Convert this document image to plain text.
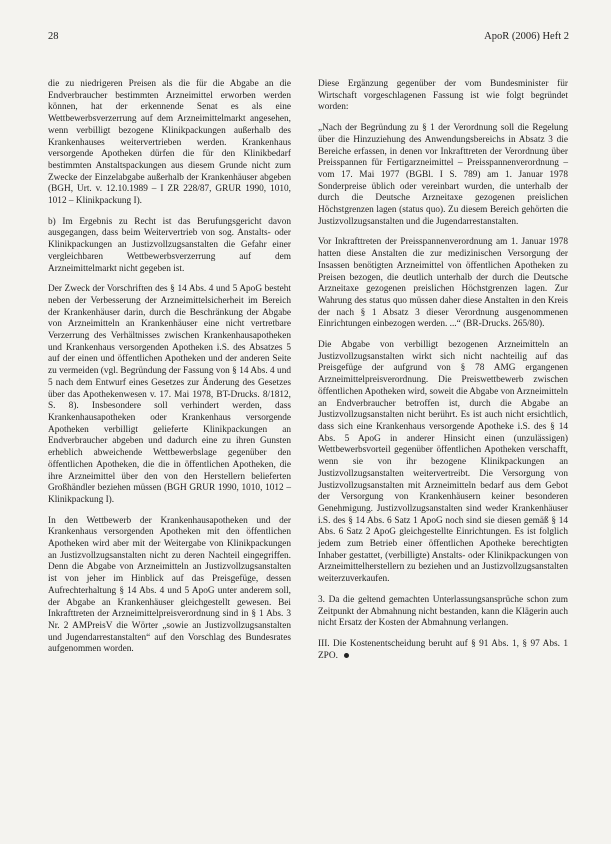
28	ApoR (2006) Heft 2

die zu niedrigeren Preisen als die für die Abgabe an die Endverbraucher bestimmten Arzneimittel erworben werden können, hat der erkennende Senat es als eine Wettbewerbsverzerrung auf dem Arzneimittelmarkt angesehen, wenn verbilligt bezogene Klinikpackungen außerhalb des Krankenhauses weitervertrieben werden. Krankenhaus versorgende Apotheken dürfen die für den Klinikbedarf bestimmten Anstaltspackungen aus diesem Grunde nicht zum Zwecke der Einzelabgabe außerhalb der Krankenhäuser abgeben (BGH, Urt. v. 12.10.1989 – I ZR 228/87, GRUR 1990, 1010, 1012 – Klinikpackung I).

b) Im Ergebnis zu Recht ist das Berufungsgericht davon ausgegangen, dass beim Weitervertrieb von sog. Anstalts- oder Klinikpackungen an Justizvollzugsanstalten die Gefahr einer vergleichbaren Wettbewerbsverzerrung auf dem Arzneimittelmarkt nicht gegeben ist.

Der Zweck der Vorschriften des § 14 Abs. 4 und 5 ApoG besteht neben der Verbesserung der Arzneimittelsicherheit im Bereich der Krankenhäuser darin, durch die Beschränkung der Abgabe von Arzneimitteln an Krankenhäuser eine nicht vertretbare Verzerrung des Verhältnisses zwischen Krankenhausapotheken und Krankenhaus versorgenden Apotheken i.S. des Absatzes 5 auf der einen und öffentlichen Apotheken und der anderen Seite zu vermeiden (vgl. Begründung der Fassung von § 14 Abs. 4 und 5 nach dem Entwurf eines Gesetzes zur Änderung des Gesetzes über das Apothekenwesen v. 17. Mai 1978, BT-Drucks. 8/1812, S. 8). Insbesondere soll verhindert werden, dass Krankenhausapotheken oder Krankenhaus versorgende Apotheken verbilligt gelieferte Klinikpackungen an Endverbraucher abgeben und dadurch eine zu ihren Gunsten erheblich abweichende Wettbewerbslage gegenüber den öffentlichen Apotheken, die die in öffentlichen Apotheken, die ihre Arzneimittel über den von den Herstellern belieferten Großhändler beziehen müssen (BGH GRUR 1990, 1010, 1012 – Klinikpackung I).

In den Wettbewerb der Krankenhausapotheken und der Krankenhaus versorgenden Apotheken mit den öffentlichen Apotheken wird aber mit der Weitergabe von Klinikpackungen an Justizvollzugsanstalten nicht zu deren Nachteil eingegriffen. Denn die Abgabe von Arzneimitteln an Justizvollzugsanstalten ist von jeher im Hinblick auf das Preisgefüge, dessen Aufrechterhaltung § 14 Abs. 4 und 5 ApoG unter anderem soll, der Abgabe an Krankenhäuser gleichgestellt gewesen. Bei Inkrafttreten der Arzneimittelpreisverordnung sind in § 1 Abs. 3 Nr. 2 AMPreisV die Wörter „sowie an Justizvollzugsanstalten und Jugendarrestanstalten“ auf den Vorschlag des Bundesrates aufgenommen worden.

Diese Ergänzung gegenüber der vom Bundesminister für Wirtschaft vorgeschlagenen Fassung ist wie folgt begründet worden:

„Nach der Begründung zu § 1 der Verordnung soll die Regelung über die Hinzuziehung des Anwendungsbereichs in Absatz 3 die Bereiche erfassen, in denen vor Inkrafttreten der Verordnung über Preisspannen für Fertigarzneimittel – Preisspannenverordnung – vom 17. Mai 1977 (BGBl. I S. 789) am 1. Januar 1978 Sonderpreise üblich oder vereinbart wurden, die unterhalb der durch die Deutsche Arzneitaxe gezogenen preislichen Höchstgrenzen lagen (status quo). Zu diesem Bereich gehörten die Justizvollzugsanstalten und die Jugendarrestanstalten.

Vor Inkrafttreten der Preisspannenverordnung am 1. Januar 1978 hatten diese Anstalten die zur medizinischen Versorgung der Insassen benötigten Arzneimittel von öffentlichen Apotheken zu Preisen bezogen, die deutlich unterhalb der durch die Deutsche Arzneitaxe gezogenen preislichen Höchstgrenzen lagen. Zur Wahrung des status quo müssen daher diese Anstalten in den Kreis der nach § 1 Absatz 3 dieser Verordnung ausgenommenen Einrichtungen einbezogen werden. ...“ (BR-Drucks. 265/80).

Die Abgabe von verbilligt bezogenen Arzneimitteln an Justizvollzugsanstalten wirkt sich nicht nachteilig auf das Preisgefüge der aufgrund von § 78 AMG ergangenen Arzneimittelpreisverordnung. Die Preiswettbewerb zwischen öffentlichen Apotheken wird, soweit die Abgabe von Arzneimitteln an Endverbraucher betroffen ist, durch die Abgabe an Justizvollzugsanstalten nicht berührt. Es ist auch nicht ersichtlich, dass sich eine Krankenhaus versorgende Apotheke i.S. des § 14 Abs. 5 ApoG in anderer Hinsicht einen (unzulässigen) Wettbewerbsvorteil gegenüber öffentlichen Apotheken verschafft, wenn sie von ihr bezogene Klinikpackungen an Justizvollzugsanstalten weitervertreibt. Die Versorgung von Justizvollzugsanstalten mit Arzneimitteln bedarf aus dem Gebot der Versorgung von Krankenhäusern keiner besonderen Genehmigung. Justizvollzugsanstalten sind weder Krankenhäuser i.S. des § 14 Abs. 6 Satz 1 ApoG noch sind sie diesen gemäß § 14 Abs. 6 Satz 2 ApoG gleichgestellte Einrichtungen. Es ist folglich jedem zum Betrieb einer öffentlichen Apotheke berechtigten Inhaber gestattet, (verbilligte) Anstalts- oder Klinikpackungen von Arzneimittelherstellern zu beziehen und an Justizvollzugsanstalten weiterzuverkaufen.

3. Da die geltend gemachten Unterlassungsansprüche schon zum Zeitpunkt der Abmahnung nicht bestanden, kann die Klägerin auch nicht Ersatz der Kosten der Abmahnung verlangen.

III. Die Kostenentscheidung beruht auf § 91 Abs. 1, § 97 Abs. 1 ZPO.
